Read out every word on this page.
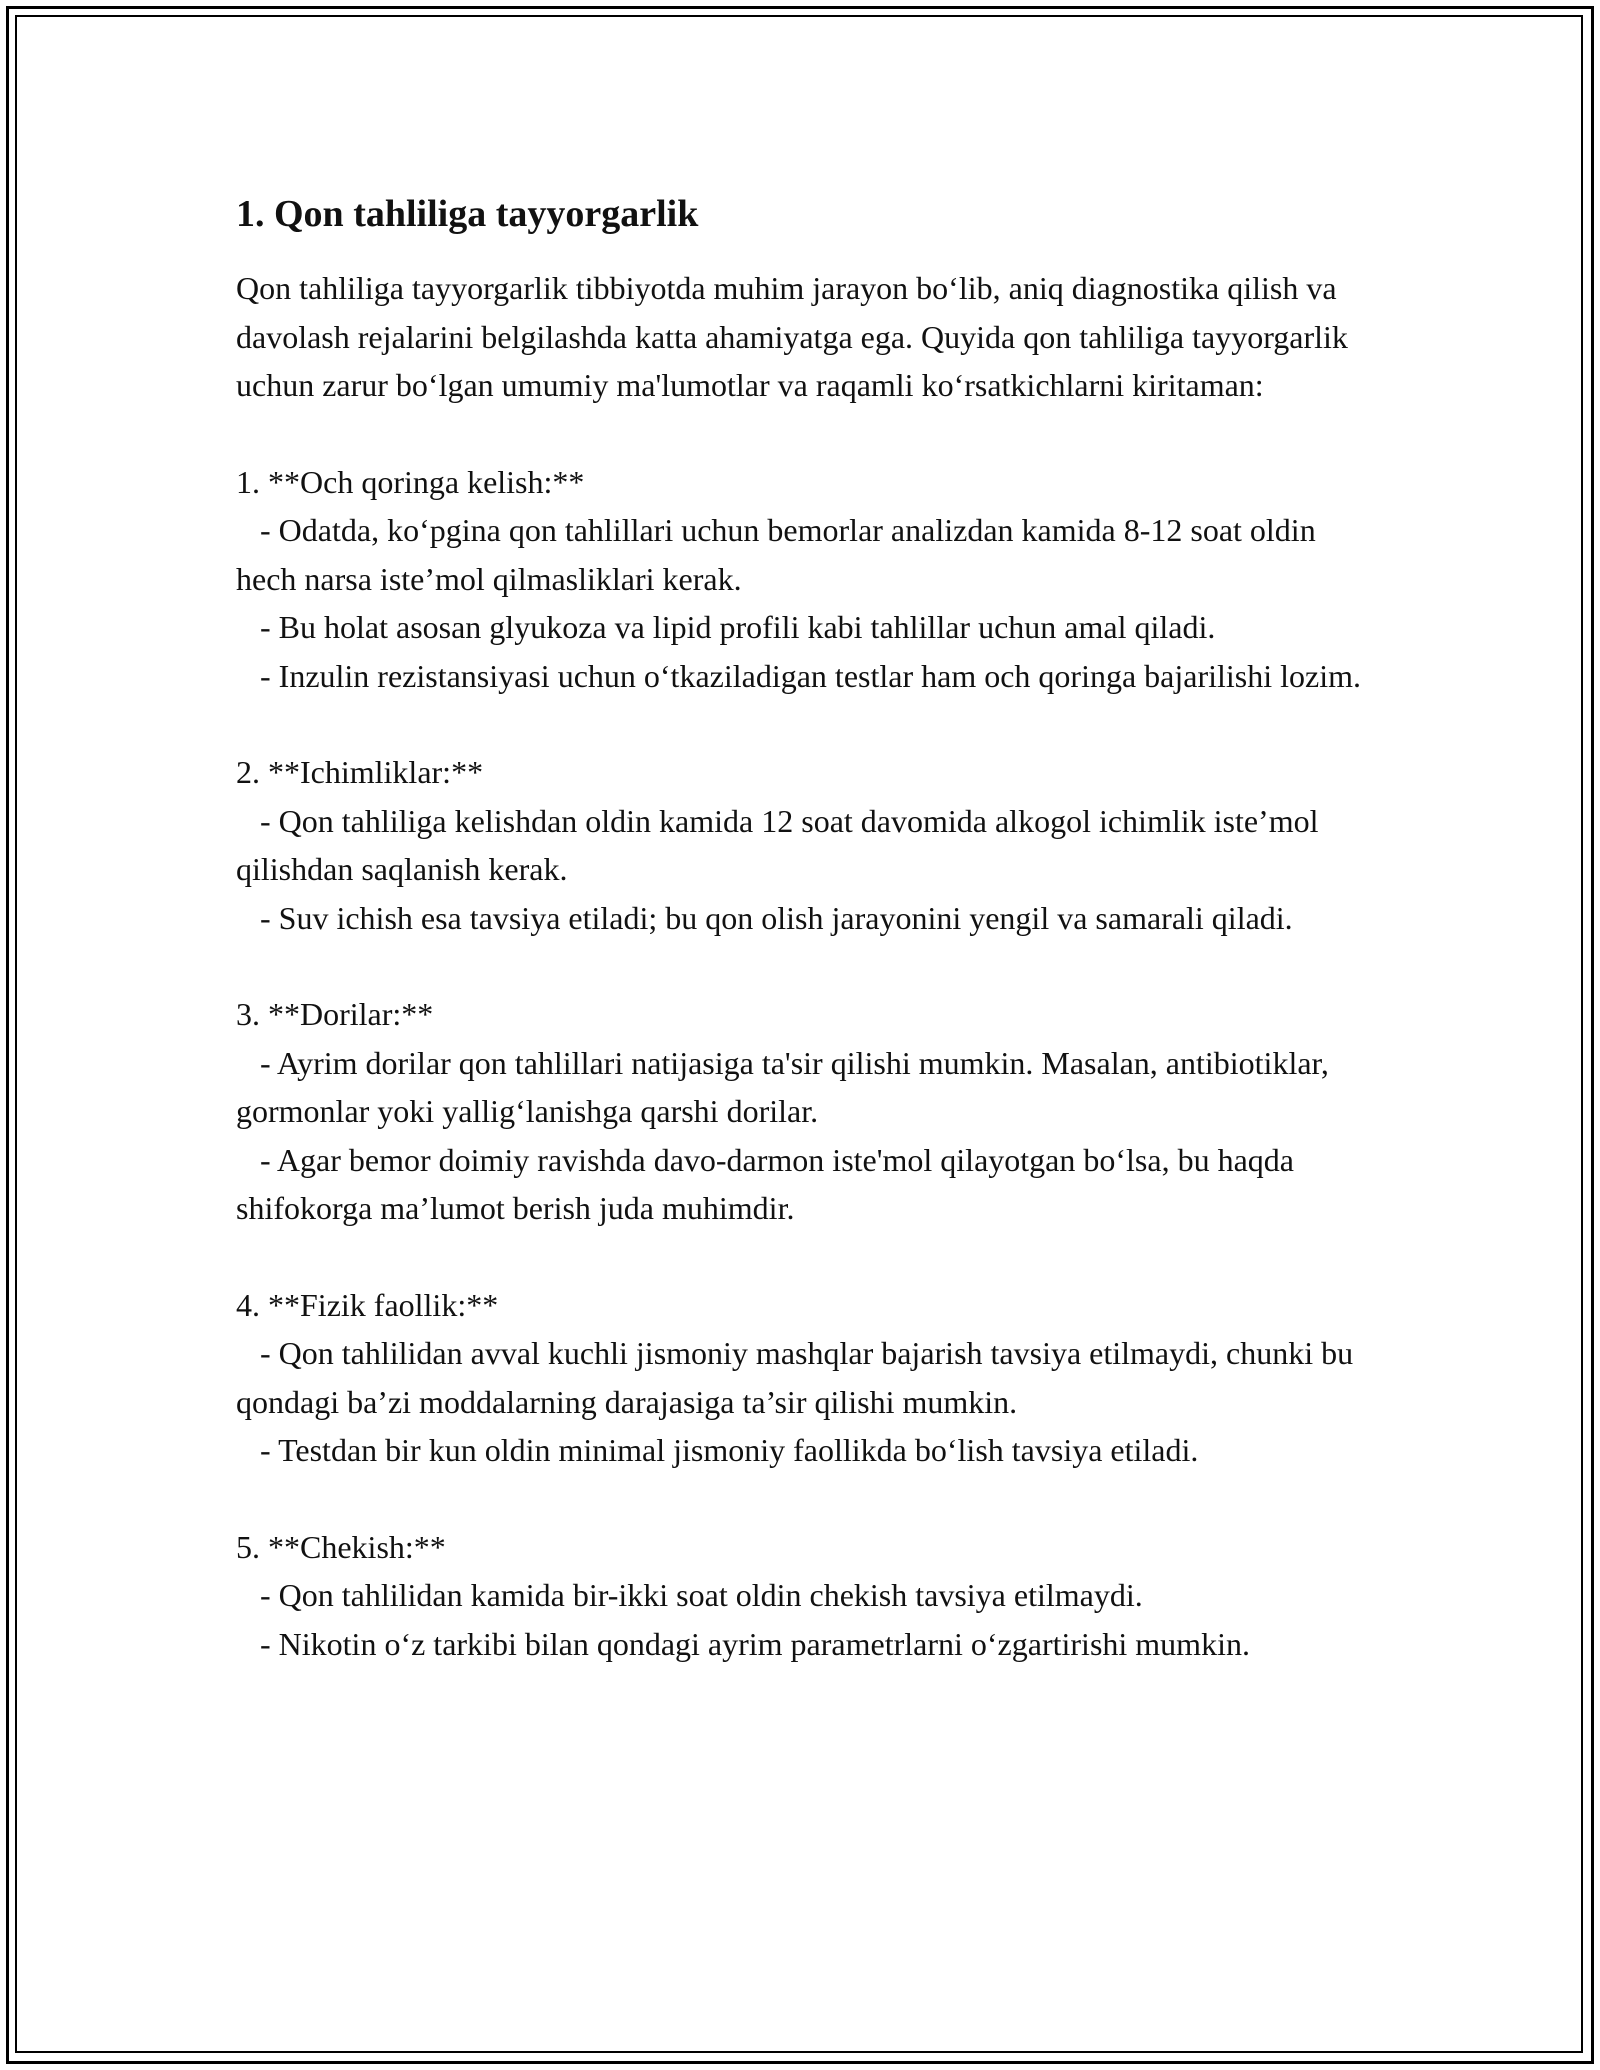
1. Qon tahliliga tayyorgarlik

Qon tahliliga tayyorgarlik tibbiyotda muhim jarayon bo‘lib, aniq diagnostika qilish va davolash rejalarini belgilashda katta ahamiyatga ega. Quyida qon tahliliga tayyorgarlik uchun zarur bo‘lgan umumiy ma'lumotlar va raqamli ko‘rsatkichlarni kiritaman:

1. **Och qoringa kelish:**

- Odatda, ko‘pgina qon tahlillari uchun bemorlar analizdan kamida 8-12 soat oldin hech narsa iste’mol qilmasliklari kerak.

- Bu holat asosan glyukoza va lipid profili kabi tahlillar uchun amal qiladi.

- Inzulin rezistansiyasi uchun o‘tkaziladigan testlar ham och qoringa bajarilishi lozim.

2. **Ichimliklar:**

- Qon tahliliga kelishdan oldin kamida 12 soat davomida alkogol ichimlik iste’mol qilishdan saqlanish kerak.

- Suv ichish esa tavsiya etiladi; bu qon olish jarayonini yengil va samarali qiladi.

3. **Dorilar:**

- Ayrim dorilar qon tahlillari natijasiga ta'sir qilishi mumkin. Masalan, antibiotiklar, gormonlar yoki yallig‘lanishga qarshi dorilar.

- Agar bemor doimiy ravishda davo-darmon iste'mol qilayotgan bo‘lsa, bu haqda shifokorga ma’lumot berish juda muhimdir.

4. **Fizik faollik:**

- Qon tahlilidan avval kuchli jismoniy mashqlar bajarish tavsiya etilmaydi, chunki bu qondagi ba’zi moddalarning darajasiga ta’sir qilishi mumkin.

- Testdan bir kun oldin minimal jismoniy faollikda bo‘lish tavsiya etiladi.

5. **Chekish:**

- Qon tahlilidan kamida bir-ikki soat oldin chekish tavsiya etilmaydi.

- Nikotin o‘z tarkibi bilan qondagi ayrim parametrlarni o‘zgartirishi mumkin.
